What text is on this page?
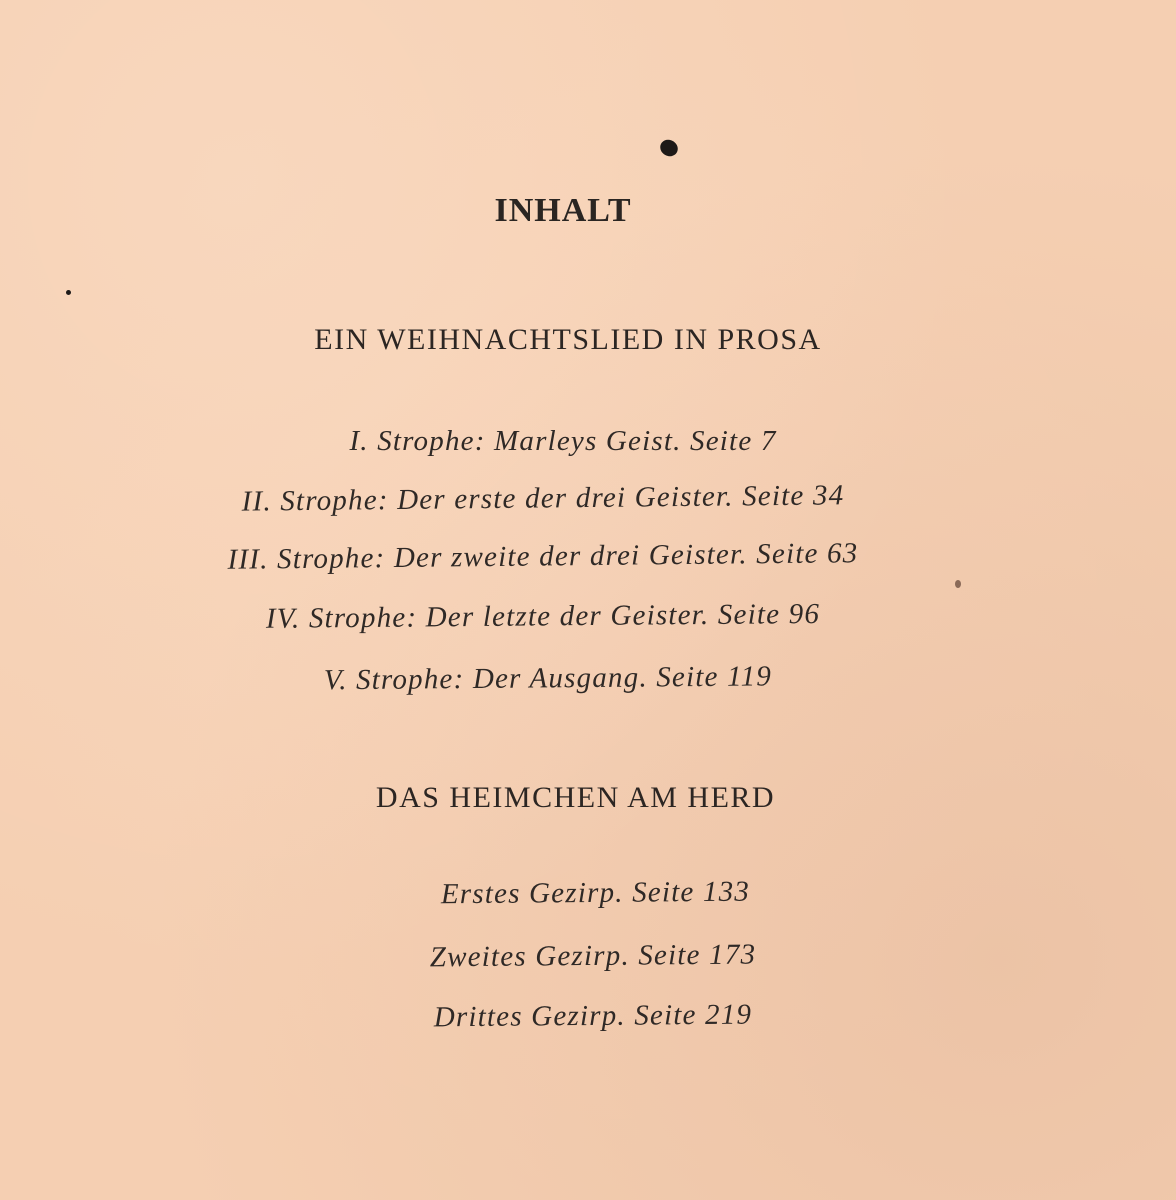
INHALT
EIN WEIHNACHTSLIED IN PROSA
I. Strophe: Marleys Geist. Seite 7
II. Strophe: Der erste der drei Geister. Seite 34
III. Strophe: Der zweite der drei Geister. Seite 63
IV. Strophe: Der letzte der Geister. Seite 96
V. Strophe: Der Ausgang. Seite 119
DAS HEIMCHEN AM HERD
Erstes Gezirp. Seite 133
Zweites Gezirp. Seite 173
Drittes Gezirp. Seite 219
